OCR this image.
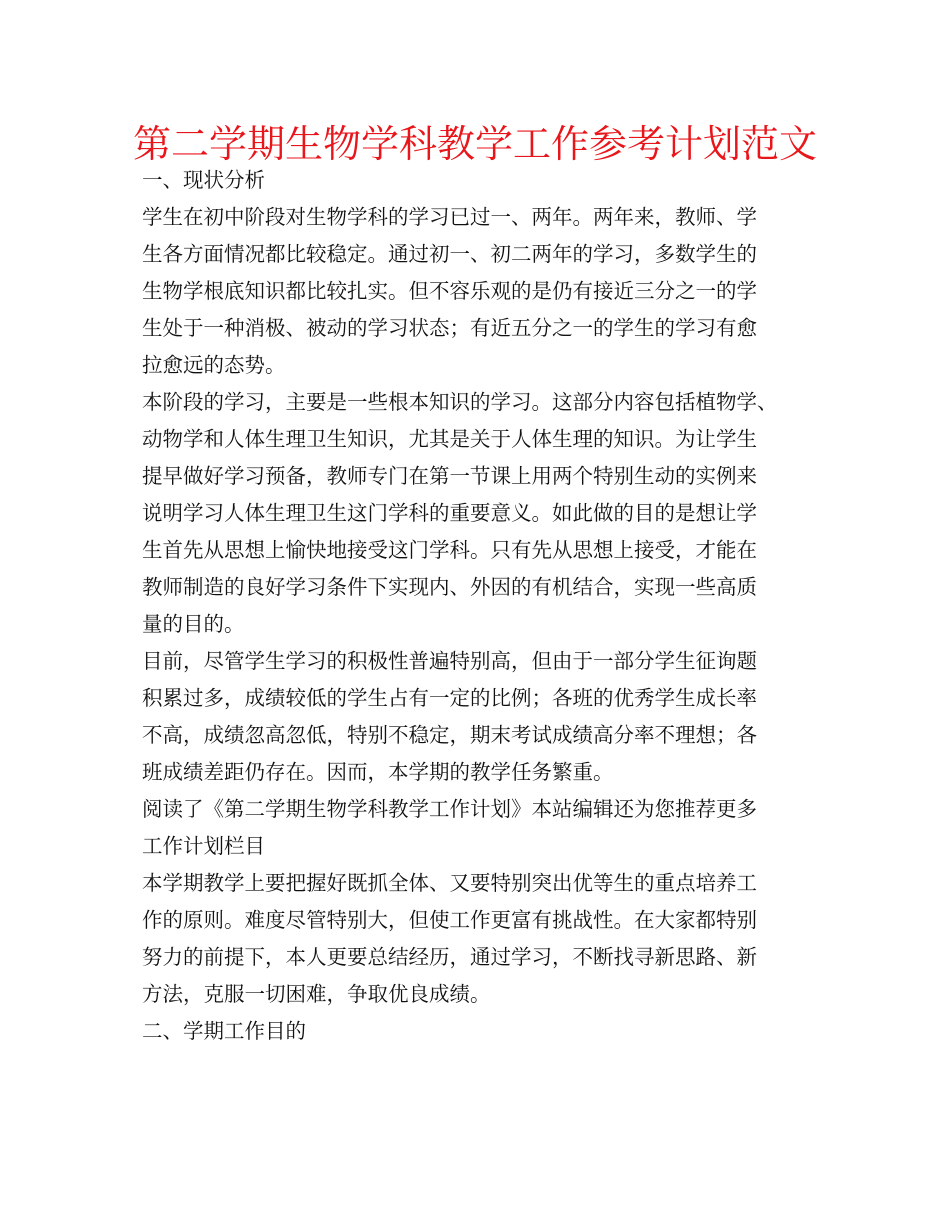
第二学期生物学科教学工作参考计划范文
一、现状分析
学生在初中阶段对生物学科的学习已过一、两年。两年来，教师、学
生各方面情况都比较稳定。通过初一、初二两年的学习，多数学生的
生物学根底知识都比较扎实。但不容乐观的是仍有接近三分之一的学
生处于一种消极、被动的学习状态；有近五分之一的学生的学习有愈
拉愈远的态势。
本阶段的学习，主要是一些根本知识的学习。这部分内容包括植物学、
动物学和人体生理卫生知识，尤其是关于人体生理的知识。为让学生
提早做好学习预备，教师专门在第一节课上用两个特别生动的实例来
说明学习人体生理卫生这门学科的重要意义。如此做的目的是想让学
生首先从思想上愉快地接受这门学科。只有先从思想上接受，才能在
教师制造的良好学习条件下实现内、外因的有机结合，实现一些高质
量的目的。
目前，尽管学生学习的积极性普遍特别高，但由于一部分学生征询题
积累过多，成绩较低的学生占有一定的比例；各班的优秀学生成长率
不高，成绩忽高忽低，特别不稳定，期末考试成绩高分率不理想；各
班成绩差距仍存在。因而，本学期的教学任务繁重。
阅读了《第二学期生物学科教学工作计划》本站编辑还为您推荐更多
工作计划栏目
本学期教学上要把握好既抓全体、又要特别突出优等生的重点培养工
作的原则。难度尽管特别大，但使工作更富有挑战性。在大家都特别
努力的前提下，本人更要总结经历，通过学习，不断找寻新思路、新
方法，克服一切困难，争取优良成绩。
二、学期工作目的
